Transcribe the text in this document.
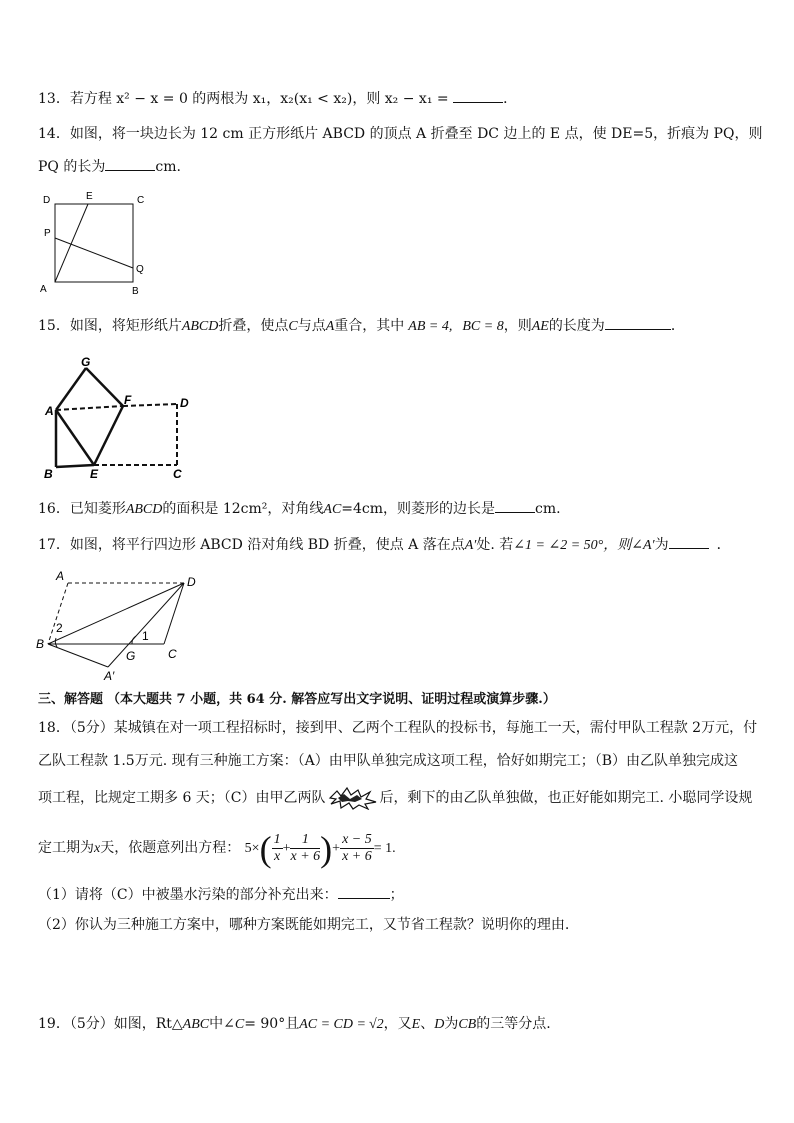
13．若方程 x² − x = 0 的两根为 x₁，x₂(x₁ < x₂)，则 x₂ − x₁ =	．
14．如图，将一块边长为 12 cm 正方形纸片 ABCD 的顶点 A 折叠至 DC 边上的 E 点，使 DE=5，折痕为 PQ，则
PQ 的长为	cm.
D	E	C
P
Q
A	B
15．如图，将矩形纸片ABCD折叠，使点C与点A重合，其中 AB = 4, BC = 8，则AE的长度为	．
G
A
F	D
B	E	C
16．已知菱形ABCD的面积是 12cm²，对角线AC=4cm，则菱形的边长是	cm.
17．如图，将平行四边形 ABCD 沿对角线 BD 折叠，使点 A 落在点A′处. 若∠1 = ∠2 = 50°，则∠A′为	．
A	D
B
2
1
G	C
A′
三、解答题 （本大题共 7 小题，共 64 分. 解答应写出文字说明、证明过程或演算步骤.）
18．（5分）某城镇在对一项工程招标时，接到甲、乙两个工程队的投标书，每施工一天，需付甲队工程款 2万元，付
乙队工程款 1.5万元. 现有三种施工方案：（A）由甲队单独完成这项工程，恰好如期完工；（B）由乙队单独完成这
项工程，比规定工期多 6 天；（C）由甲乙两队	后，剩下的由乙队单独做，也正好能如期完工. 小聪同学设规
定工期为x天，依题意列出方程： $5\times( \frac{1}{x} + \frac{1}{x + 6}$ )+ $\frac{x - 5}{x + 6} = 1$.
（1）请将（C）中被墨水污染的部分补充出来：	；
（2）你认为三种施工方案中，哪种方案既能如期完工，又节省工程款？说明你的理由.
19．（5分）如图，Rt△ABC中∠C= 90°且AC = CD = √2，又E、D为CB的三等分点.
